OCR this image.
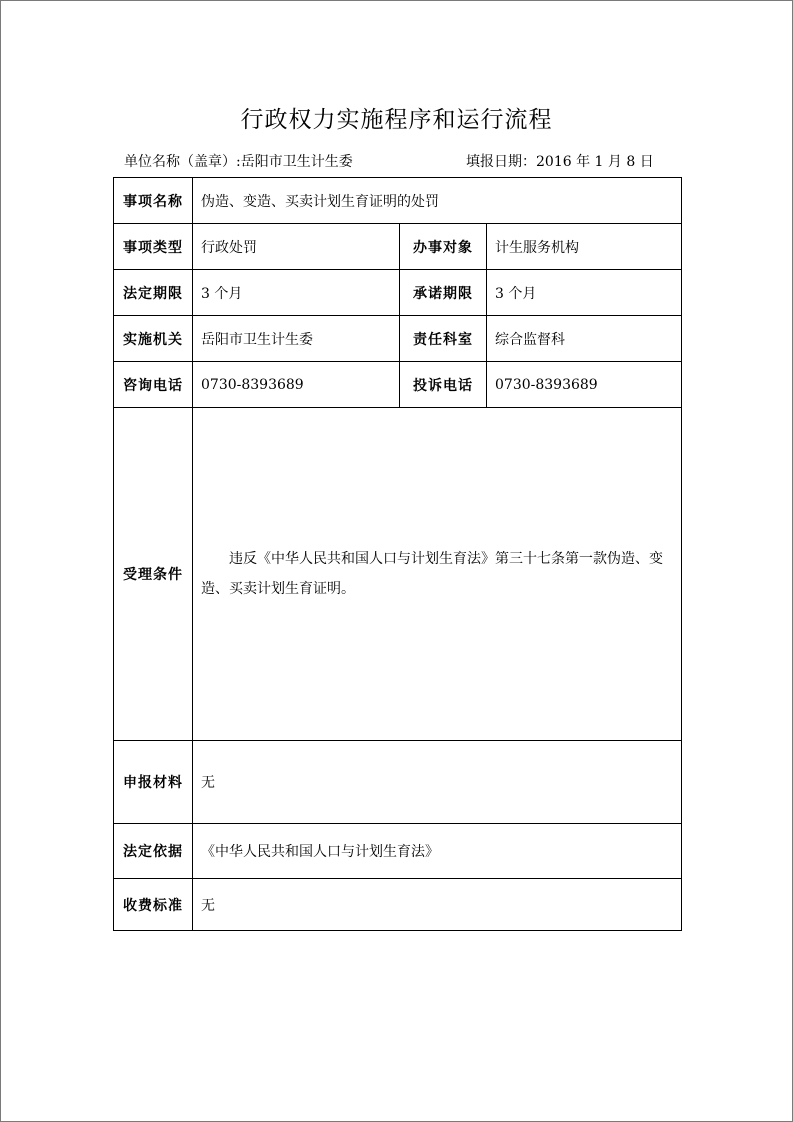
行政权力实施程序和运行流程
单位名称（盖章）:岳阳市卫生计生委	填报日期：2016 年 1 月 8 日
事项名称	伪造、变造、买卖计划生育证明的处罚		
事项类型	行政处罚	办事对象	计生服务机构
法定期限	3 个月	承诺期限	3 个月
实施机关	岳阳市卫生计生委	责任科室	综合监督科
咨询电话	0730-8393689	投诉电话	0730-8393689
受理条件	违反《中华人民共和国人口与计划生育法》第三十七条第一款伪造、变造、买卖计划生育证明。		

申报材料	无		
法定依据	《中华人民共和国人口与计划生育法》		
收费标准	无		
